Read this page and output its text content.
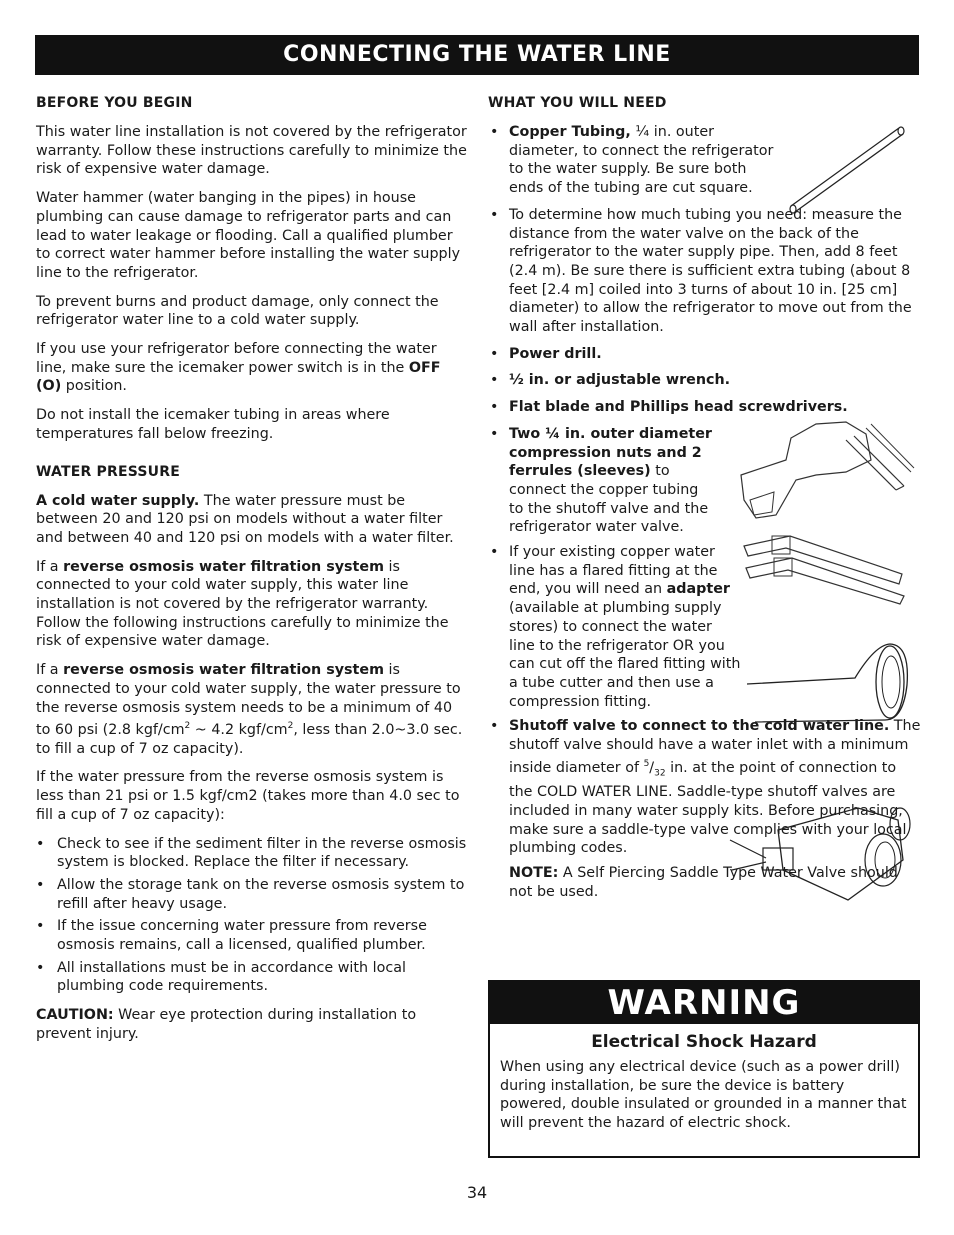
CONNECTING THE WATER LINE
BEFORE YOU BEGIN

This water line installation is not covered by the refrigerator warranty. Follow these instructions carefully to minimize the risk of expensive water damage.

Water hammer (water banging in the pipes) in house plumbing can cause damage to refrigerator parts and can lead to water leakage or flooding. Call a qualified plumber to correct water hammer before installing the water supply line to the refrigerator.

To prevent burns and product damage, only connect the refrigerator water line to a cold water supply.

If you use your refrigerator before connecting the water line, make sure the icemaker power switch is in the OFF (O) position.

Do not install the icemaker tubing in areas where temperatures fall below freezing.

WATER PRESSURE

A cold water supply. The water pressure must be between 20 and 120 psi on models without a water filter and between 40 and 120 psi on models with a water filter.

If a reverse osmosis water filtration system is connected to your cold water supply, this water line installation is not covered by the refrigerator warranty. Follow the following instructions carefully to minimize the risk of expensive water damage.

If a reverse osmosis water filtration system is connected to your cold water supply, the water pressure to the reverse osmosis system needs to be a minimum of 40 to 60 psi (2.8 kgf/$cm^2$ ~ 4.2 kgf/$cm^2$, less than 2.0~3.0 sec. to fill a cup of 7 oz capacity).

If the water pressure from the reverse osmosis system is less than 21 psi or 1.5 kgf/cm2 (takes more than 4.0 sec to fill a cup of 7 oz capacity):

• Check to see if the sediment filter in the reverse osmosis system is blocked. Replace the filter if necessary.
• Allow the storage tank on the reverse osmosis system to refill after heavy usage.
• If the issue concerning water pressure from reverse osmosis remains, call a licensed, qualified plumber.
• All installations must be in accordance with local plumbing code requirements.

CAUTION: Wear eye protection during installation to prevent injury.

WHAT YOU WILL NEED
• Copper Tubing, ¼ in. outer diameter, to connect the refrigerator to the water supply. Be sure both ends of the tubing are cut square.
• To determine how much tubing you need: measure the distance from the water valve on the back of the refrigerator to the water supply pipe. Then, add 8 feet (2.4 m). Be sure there is sufficient extra tubing (about 8 feet [2.4 m] coiled into 3 turns of about 10 in. [25 cm] diameter) to allow the refrigerator to move out from the wall after installation.
• Power drill.
• ½ in. or adjustable wrench.
• Flat blade and Phillips head screwdrivers.
• Two ¼ in. outer diameter compression nuts and 2 ferrules (sleeves) to connect the copper tubing to the shutoff valve and the refrigerator water valve.
• If your existing copper water line has a flared fitting at the end, you will need an adapter (available at plumbing supply stores) to connect the water line to the refrigerator OR you can cut off the flared fitting with a tube cutter and then use a compression fitting.
• Shutoff valve to connect to the cold water line. The shutoff valve should have a water inlet with a minimum inside diameter of $^5/_{32}$ in. at the point of connection to the COLD WATER LINE. Saddle-type shutoff valves are included in many water supply kits. Before purchasing, make sure a saddle-type valve complies with your local plumbing codes.

NOTE: A Self Piercing Saddle Type Water Valve should not be used.

WARNING
Electrical Shock Hazard

When using any electrical device (such as a power drill) during installation, be sure the device is battery powered, double insulated or grounded in a manner that will prevent the hazard of electric shock.

34
